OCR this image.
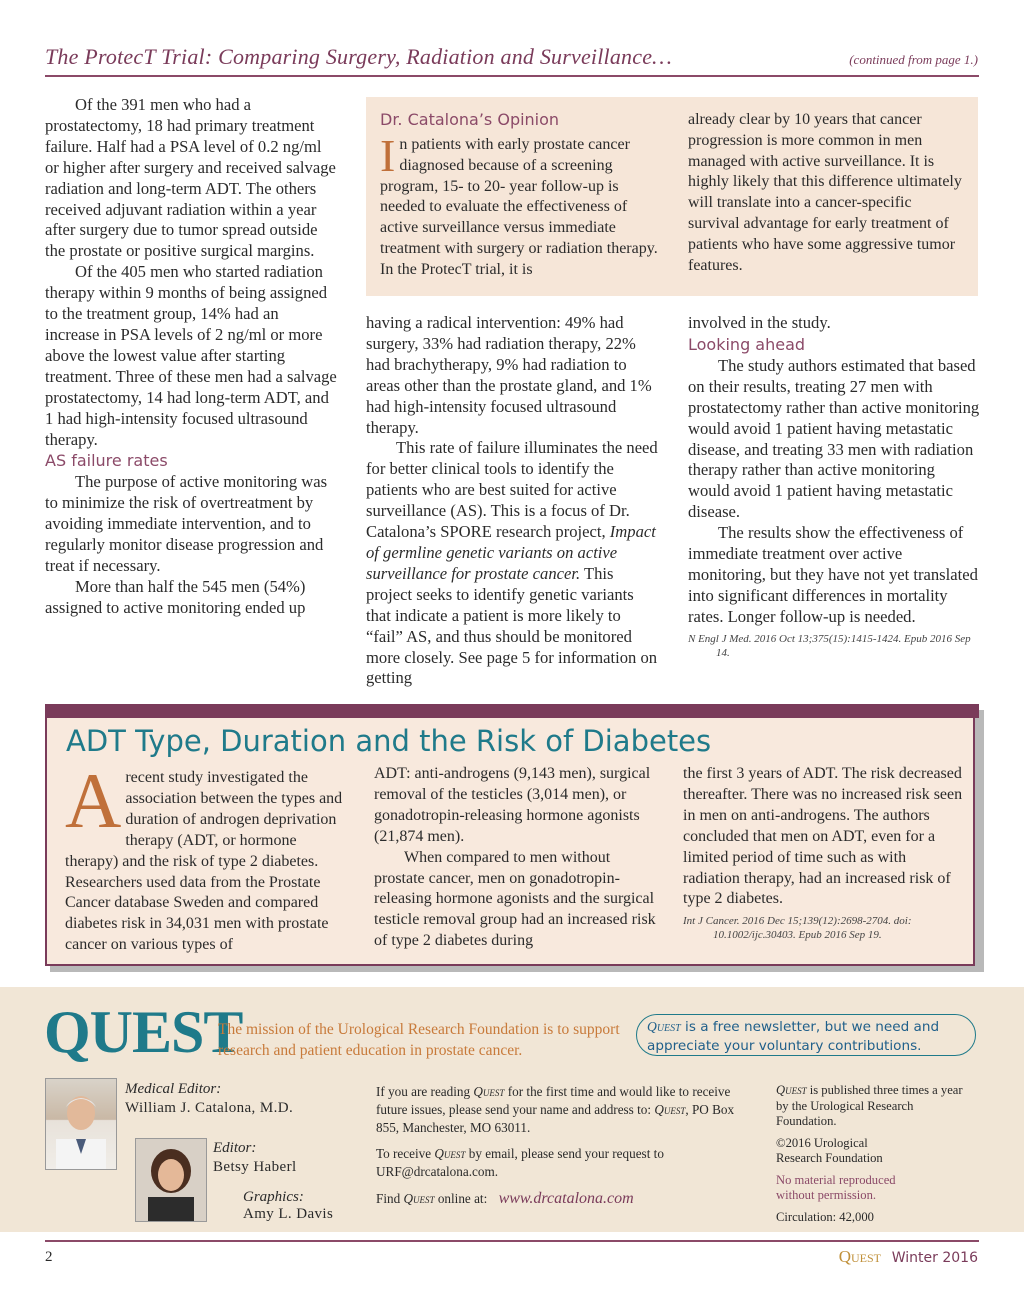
The ProtecT Trial: Comparing Surgery, Radiation and Surveillance…	(continued from page 1.)

Of the 391 men who had a prostatectomy, 18 had primary treatment failure. Half had a PSA level of 0.2 ng/ml or higher after surgery and received salvage radiation and long-term ADT. The others received adjuvant radiation within a year after surgery due to tumor spread outside the prostate or positive surgical margins.

Of the 405 men who started radiation therapy within 9 months of being assigned to the treatment group, 14% had an increase in PSA levels of 2 ng/ml or more above the lowest value after starting treatment. Three of these men had a salvage prostatectomy, 14 had long-term ADT, and 1 had high-intensity focused ultrasound therapy.

AS failure rates

The purpose of active monitoring was to minimize the risk of overtreatment by avoiding immediate intervention, and to regularly monitor disease progression and treat if necessary.

More than half the 545 men (54%) assigned to active monitoring ended up

Dr. Catalona’s Opinion
I n patients with early prostate cancer diagnosed because of a screening program, 15- to 20- year follow-up is needed to evaluate the effectiveness of active surveillance versus immediate treatment with surgery or radiation therapy. In the ProtecT trial, it is
already clear by 10 years that cancer progression is more common in men managed with active surveillance. It is highly likely that this difference ultimately will translate into a cancer-specific survival advantage for early treatment of patients who have some aggressive tumor features.

having a radical intervention: 49% had surgery, 33% had radiation therapy, 22% had brachytherapy, 9% had radiation to areas other than the prostate gland, and 1% had high-intensity focused ultrasound therapy.

This rate of failure illuminates the need for better clinical tools to identify the patients who are best suited for active surveillance (AS). This is a focus of Dr. Catalona’s SPORE research project, Impact of germline genetic variants on active surveillance for prostate cancer. This project seeks to identify genetic variants that indicate a patient is more likely to “fail” AS, and thus should be monitored more closely. See page 5 for information on getting

involved in the study.

Looking ahead

The study authors estimated that based on their results, treating 27 men with prostatectomy rather than active monitoring would avoid 1 patient having metastatic disease, and treating 33 men with radiation therapy rather than active monitoring would avoid 1 patient having metastatic disease.

The results show the effectiveness of immediate treatment over active monitoring, but they have not yet translated into significant differences in mortality rates. Longer follow-up is needed.

N Engl J Med. 2016 Oct 13;375(15):1415-1424. Epub 2016 Sep 14.

ADT Type, Duration and the Risk of Diabetes
A recent study investigated the association between the types and duration of androgen deprivation therapy (ADT, or hormone therapy) and the risk of type 2 diabetes. Researchers used data from the Prostate Cancer database Sweden and compared diabetes risk in 34,031 men with prostate cancer on various types of

ADT: anti-androgens (9,143 men), surgical removal of the testicles (3,014 men), or gonadotropin-releasing hormone agonists (21,874 men).

When compared to men without prostate cancer, men on gonadotropin-releasing hormone agonists and the surgical testicle removal group had an increased risk of type 2 diabetes during

the first 3 years of ADT. The risk decreased thereafter. There was no increased risk seen in men on anti-androgens. The authors concluded that men on ADT, even for a limited period of time such as with radiation therapy, had an increased risk of type 2 diabetes.

Int J Cancer. 2016 Dec 15;139(12):2698-2704. doi: 10.1002/ijc.30403. Epub 2016 Sep 19.

QUEST
The mission of the Urological Research Foundation is to support research and patient education in prostate cancer.
Quest is a free newsletter, but we need and appreciate your voluntary contributions.
Medical Editor:
William J. Catalona, M.D.
Editor:
Betsy Haberl
Graphics:
Amy L. Davis
If you are reading Quest for the first time and would like to receive future issues, please send your name and address to: Quest, PO Box 855, Manchester, MO 63011.
To receive Quest by email, please send your request to URF@drcatalona.com.
Find Quest online at: www.drcatalona.com
Quest is published three times a year by the Urological Research Foundation.
©2016 Urological Research Foundation
No material reproduced without permission.
Circulation: 42,000
2	Quest Winter 2016
